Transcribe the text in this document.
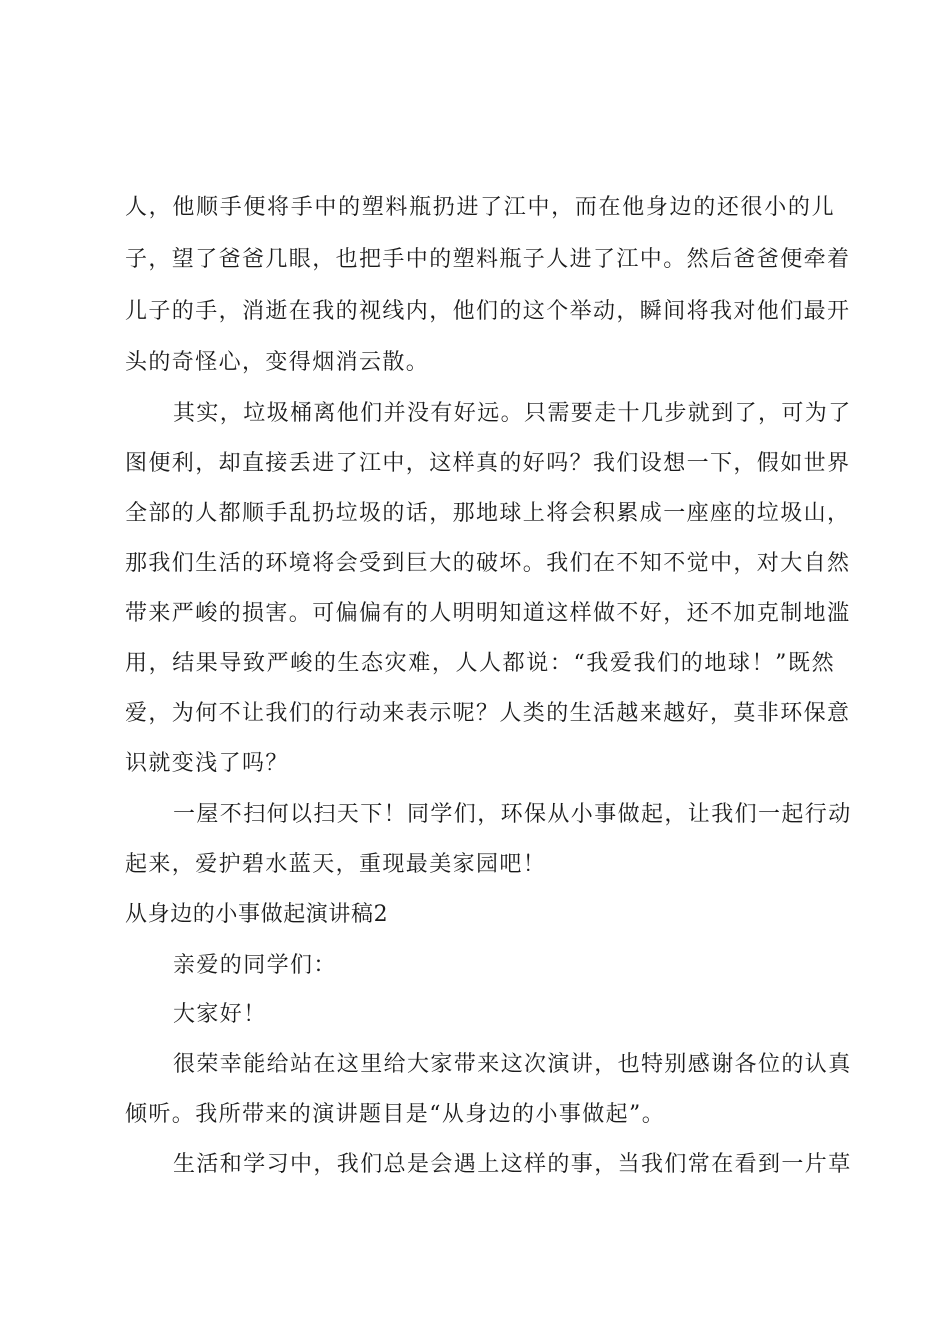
人，他顺手便将手中的塑料瓶扔进了江中，而在他身边的还很小的儿
子，望了爸爸几眼，也把手中的塑料瓶子人进了江中。然后爸爸便牵着
儿子的手，消逝在我的视线内，他们的这个举动，瞬间将我对他们最开
头的奇怪心，变得烟消云散。
其实，垃圾桶离他们并没有好远。只需要走十几步就到了，可为了
图便利，却直接丢进了江中，这样真的好吗？我们设想一下，假如世界
全部的人都顺手乱扔垃圾的话，那地球上将会积累成一座座的垃圾山，
那我们生活的环境将会受到巨大的破坏。我们在不知不觉中，对大自然
带来严峻的损害。可偏偏有的人明明知道这样做不好，还不加克制地滥
用，结果导致严峻的生态灾难，人人都说：“我爱我们的地球！”既然
爱，为何不让我们的行动来表示呢？人类的生活越来越好，莫非环保意
识就变浅了吗？
一屋不扫何以扫天下！同学们，环保从小事做起，让我们一起行动
起来，爱护碧水蓝天，重现最美家园吧！
从身边的小事做起演讲稿2
亲爱的同学们：
大家好！
很荣幸能给站在这里给大家带来这次演讲，也特别感谢各位的认真
倾听。我所带来的演讲题目是“从身边的小事做起”。
生活和学习中，我们总是会遇上这样的事，当我们常在看到一片草
